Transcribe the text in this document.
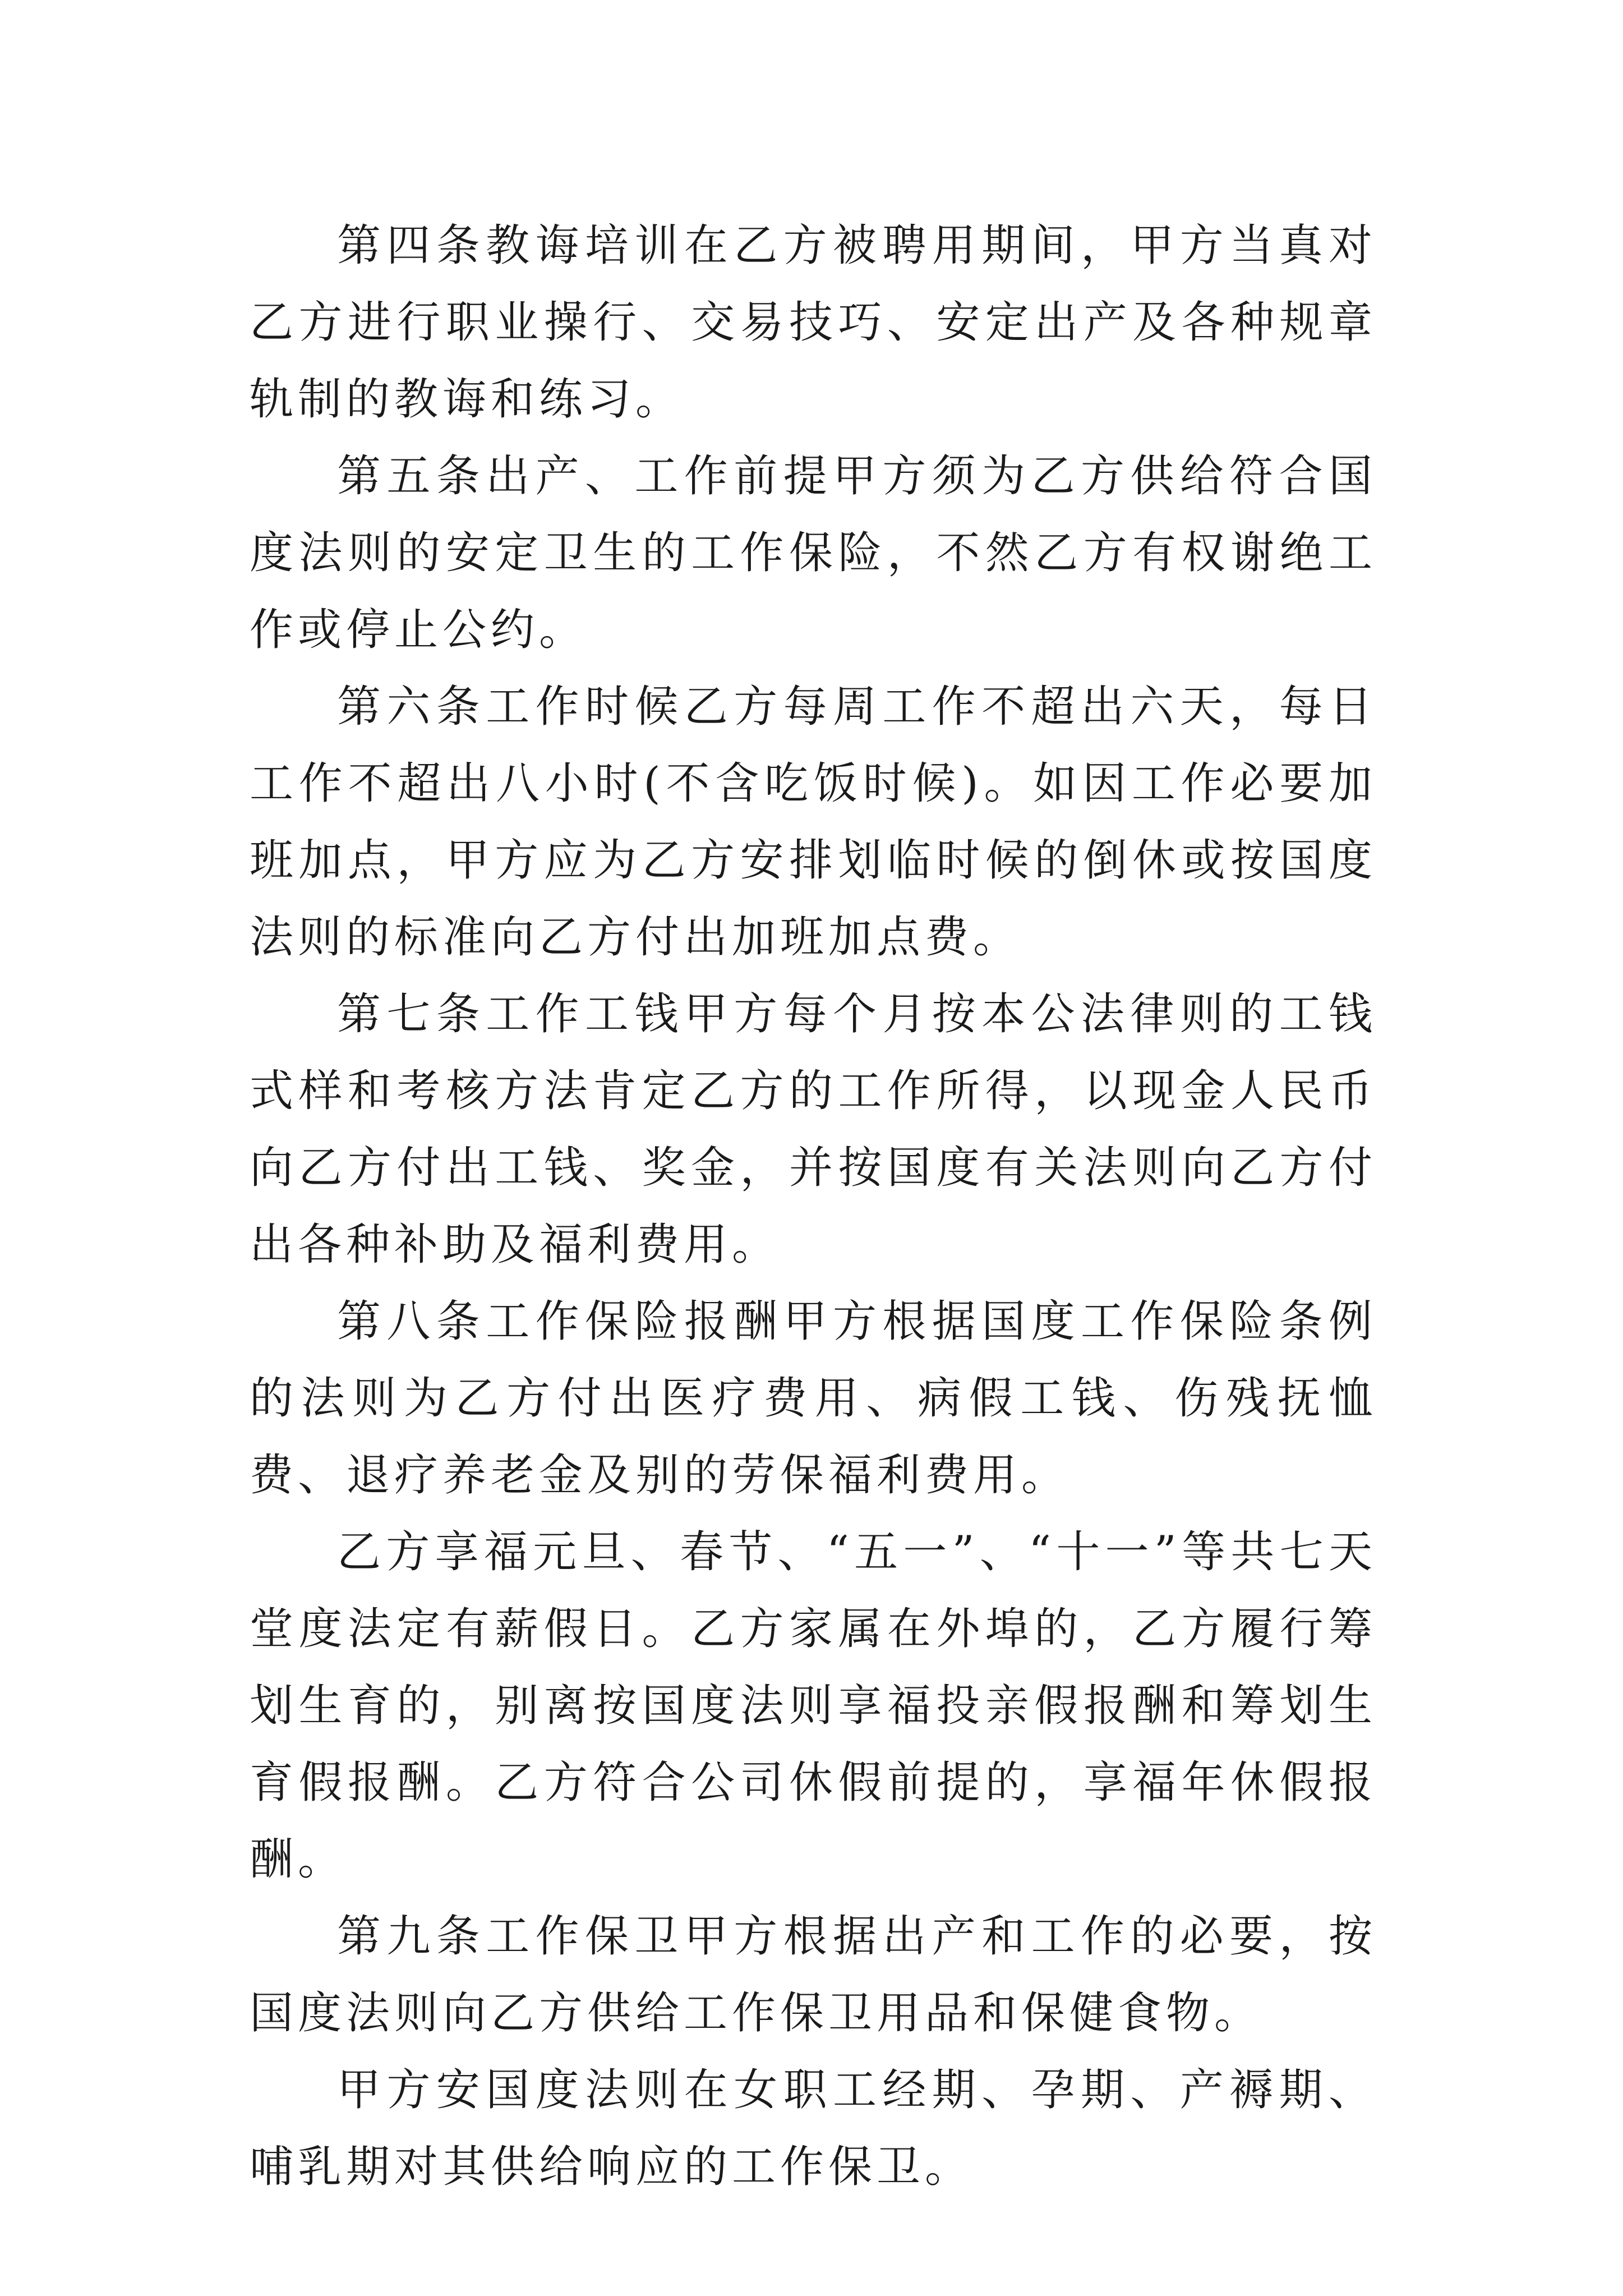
第四条教诲培训在乙方被聘用期间，甲方当真对乙方进行职业操行、交易技巧、安定出产及各种规章轨制的教诲和练习。

第五条出产、工作前提甲方须为乙方供给符合国度法则的安定卫生的工作保险，不然乙方有权谢绝工作或停止公约。

第六条工作时候乙方每周工作不超出六天，每日工作不超出八小时(不含吃饭时候)。如因工作必要加班加点，甲方应为乙方安排划临时候的倒休或按国度法则的标准向乙方付出加班加点费。

第七条工作工钱甲方每个月按本公法律则的工钱式样和考核方法肯定乙方的工作所得，以现金人民币向乙方付出工钱、奖金，并按国度有关法则向乙方付出各种补助及福利费用。

第八条工作保险报酬甲方根据国度工作保险条例的法则为乙方付出医疗费用、病假工钱、伤残抚恤费、退疗养老金及别的劳保福利费用。

乙方享福元旦、春节、“五一”、“十一”等共七天堂度法定有薪假日。乙方家属在外埠的，乙方履行筹划生育的，别离按国度法则享福投亲假报酬和筹划生育假报酬。乙方符合公司休假前提的，享福年休假报酬。

第九条工作保卫甲方根据出产和工作的必要，按国度法则向乙方供给工作保卫用品和保健食物。

甲方安国度法则在女职工经期、孕期、产褥期、哺乳期对其供给响应的工作保卫。
